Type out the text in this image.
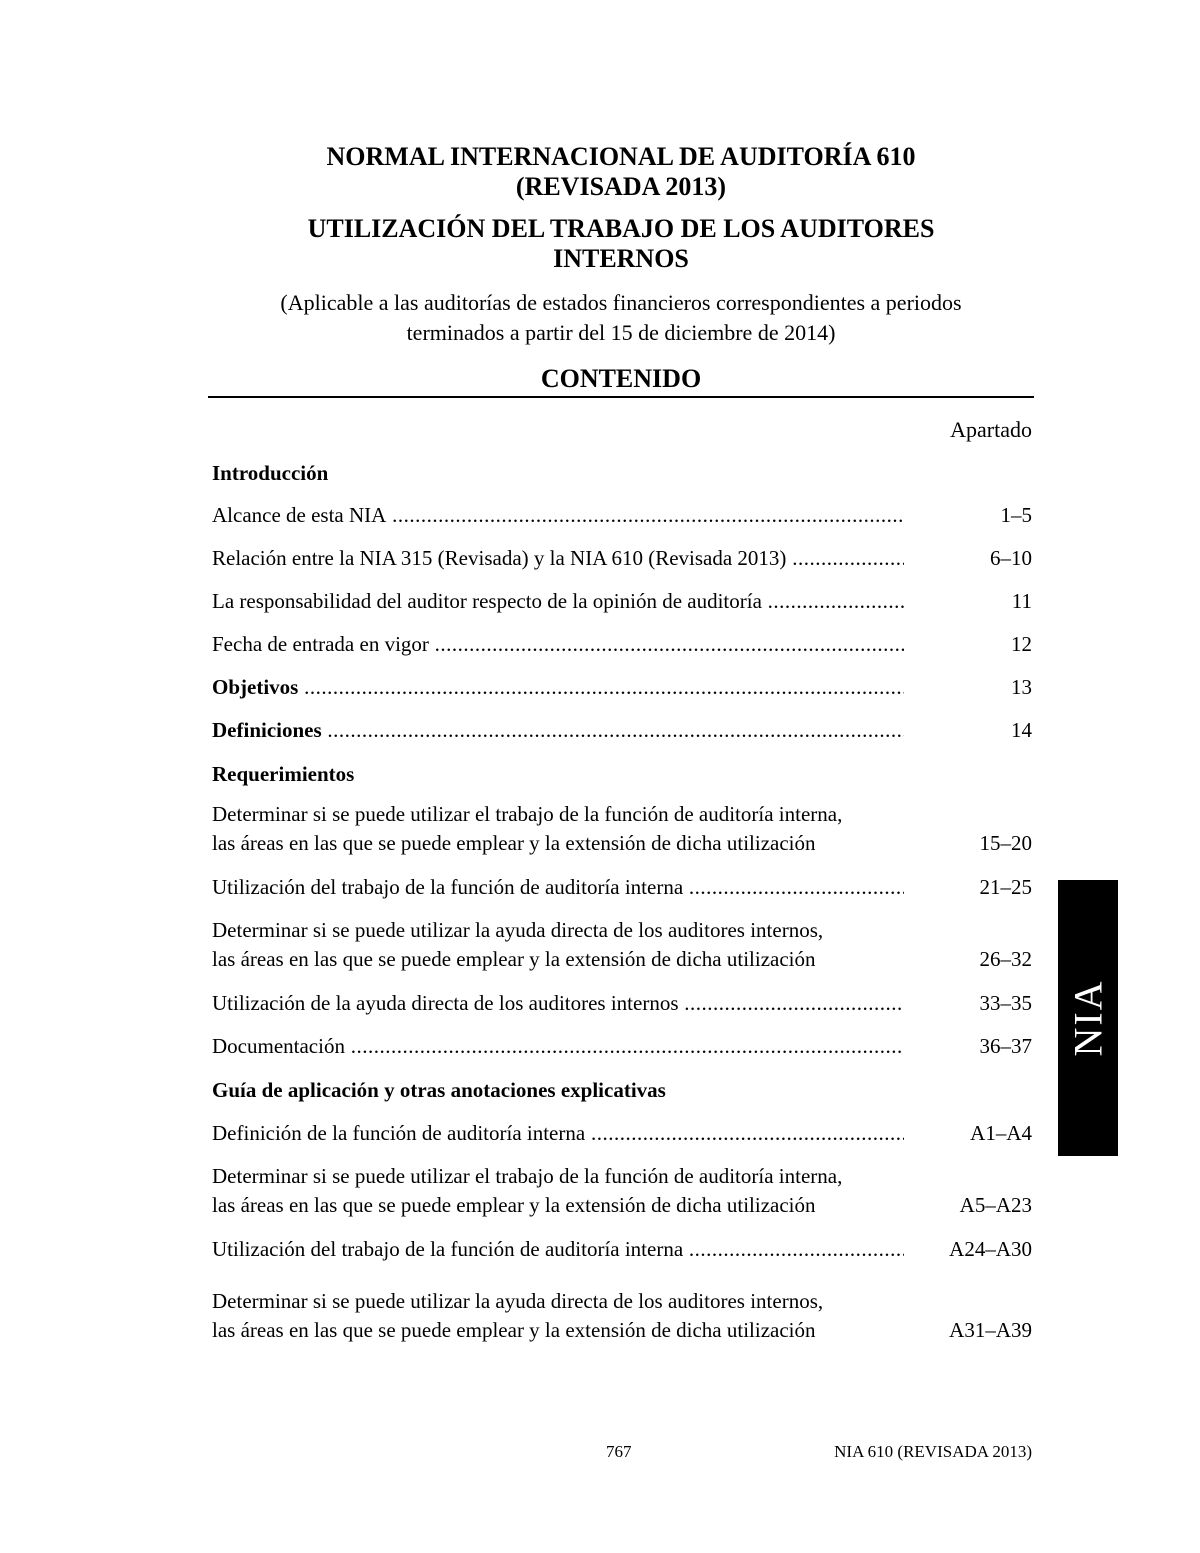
NORMAL INTERNACIONAL DE AUDITORÍA 610
(REVISADA 2013)
UTILIZACIÓN DEL TRABAJO DE LOS AUDITORES
INTERNOS
(Aplicable a las auditorías de estados financieros correspondientes a periodos
terminados a partir del 15 de diciembre de 2014)
CONTENIDO
Apartado
Introducción
Alcance de esta NIA .....	1–5
Relación entre la NIA 315 (Revisada) y la NIA 610 (Revisada 2013) .....	6–10
La responsabilidad del auditor respecto de la opinión de auditoría .....	11
Fecha de entrada en vigor .....	12
Objetivos .....	13
Definiciones .....	14
Requerimientos
Determinar si se puede utilizar el trabajo de la función de auditoría interna,
las áreas en las que se puede emplear y la extensión de dicha utilización	15–20
Utilización del trabajo de la función de auditoría interna .....	21–25
Determinar si se puede utilizar la ayuda directa de los auditores internos,
las áreas en las que se puede emplear y la extensión de dicha utilización	26–32
Utilización de la ayuda directa de los auditores internos .....	33–35
Documentación .....	36–37
Guía de aplicación y otras anotaciones explicativas
Definición de la función de auditoría interna .....	A1–A4
Determinar si se puede utilizar el trabajo de la función de auditoría interna,
las áreas en las que se puede emplear y la extensión de dicha utilización	A5–A23
Utilización del trabajo de la función de auditoría interna .....	A24–A30
Determinar si se puede utilizar la ayuda directa de los auditores internos,
las áreas en las que se puede emplear y la extensión de dicha utilización	A31–A39
767	NIA 610 (REVISADA 2013)
NIA
